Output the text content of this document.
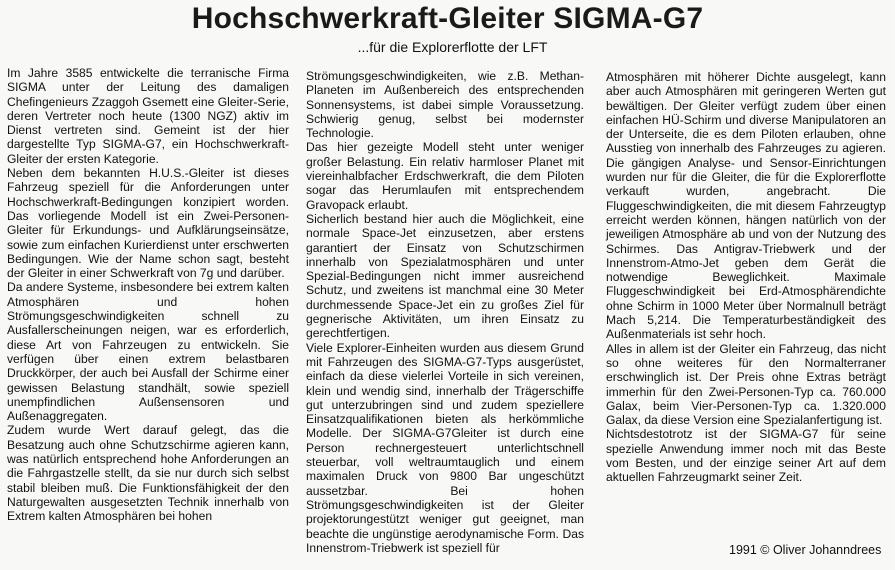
Hochschwerkraft-Gleiter SIGMA-G7
...für die Explorerflotte der LFT

Im Jahre 3585 entwickelte die terranische Firma SIGMA unter der Leitung des damaligen Chefingenieurs Zzaggoh Gsemett eine Gleiter-Serie, deren Vertreter noch heute (1300 NGZ) aktiv im Dienst vertreten sind. Gemeint ist der hier dargestellte Typ SIGMA-G7, ein Hochschwerkraft-Gleiter der ersten Kategorie.

Neben dem bekannten H.U.S.-Gleiter ist dieses Fahrzeug speziell für die Anforderungen unter Hochschwerkraft-Bedingungen konzipiert worden. Das vorliegende Modell ist ein Zwei-Personen-Gleiter für Erkundungs- und Aufklärungseinsätze, sowie zum einfachen Kurierdienst unter erschwerten Bedingungen. Wie der Name schon sagt, besteht der Gleiter in einer Schwerkraft von 7g und darüber.

Da andere Systeme, insbesondere bei extrem kalten Atmosphären und hohen Strömungsgeschwindigkeiten schnell zu Ausfallerscheinungen neigen, war es erforderlich, diese Art von Fahrzeugen zu entwickeln. Sie verfügen über einen extrem belastbaren Druckkörper, der auch bei Ausfall der Schirme einer gewissen Belastung standhält, sowie speziell unempfindlichen Außensensoren und Außenaggregaten.

Zudem wurde Wert darauf gelegt, das die Besatzung auch ohne Schutzschirme agieren kann, was natürlich entsprechend hohe Anforderungen an die Fahrgastzelle stellt, da sie nur durch sich selbst stabil bleiben muß. Die Funktionsfähigkeit der den Naturgewalten ausgesetzten Technik innerhalb von Extrem kalten Atmosphären bei hohen

Strömungsgeschwindigkeiten, wie z.B. Methan-Planeten im Außenbereich des entsprechenden Sonnensystems, ist dabei simple Voraussetzung. Schwierig genug, selbst bei modernster Technologie.

Das hier gezeigte Modell steht unter weniger großer Belastung. Ein relativ harmloser Planet mit viereinhalbfacher Erdschwerkraft, die dem Piloten sogar das Herumlaufen mit entsprechendem Gravopack erlaubt.

Sicherlich bestand hier auch die Möglichkeit, eine normale Space-Jet einzusetzen, aber erstens garantiert der Einsatz von Schutzschirmen innerhalb von Spezialatmosphären und unter Spezial-Bedingungen nicht immer ausreichend Schutz, und zweitens ist manchmal eine 30 Meter durchmessende Space-Jet ein zu großes Ziel für gegnerische Aktivitäten, um ihren Einsatz zu gerechtfertigen.

Viele Explorer-Einheiten wurden aus diesem Grund mit Fahrzeugen des SIGMA-G7-Typs ausgerüstet, einfach da diese vielerlei Vorteile in sich vereinen, klein und wendig sind, innerhalb der Trägerschiffe gut unterzubringen sind und zudem speziellere Einsatzqualifikationen bieten als herkömmliche Modelle. Der SIGMA-G7Gleiter ist durch eine Person rechnergesteuert unterlichtschnell steuerbar, voll weltraumtauglich und einem maximalen Druck von 9800 Bar ungeschützt aussetzbar. Bei hohen Strömungsgeschwindigkeiten ist der Gleiter projektorungestützt weniger gut geeignet, man beachte die ungünstige aerodynamische Form. Das Innenstrom-Triebwerk ist speziell für

Atmosphären mit höherer Dichte ausgelegt, kann aber auch Atmosphären mit geringeren Werten gut bewältigen. Der Gleiter verfügt zudem über einen einfachen HÜ-Schirm und diverse Manipulatoren an der Unterseite, die es dem Piloten erlauben, ohne Ausstieg von innerhalb des Fahrzeuges zu agieren. Die gängigen Analyse- und Sensor-Einrichtungen wurden nur für die Gleiter, die für die Explorerflotte verkauft wurden, angebracht. Die Fluggeschwindigkeiten, die mit diesem Fahrzeugtyp erreicht werden können, hängen natürlich von der jeweiligen Atmosphäre ab und von der Nutzung des Schirmes. Das Antigrav-Triebwerk und der Innenstrom-Atmo-Jet geben dem Gerät die notwendige Beweglichkeit. Maximale Fluggeschwindigkeit bei Erd-Atmosphärendichte ohne Schirm in 1000 Meter über Normalnull beträgt Mach 5,214. Die Temperaturbeständigkeit des Außenmaterials ist sehr hoch.

Alles in allem ist der Gleiter ein Fahrzeug, das nicht so ohne weiteres für den Normalterraner erschwinglich ist. Der Preis ohne Extras beträgt immerhin für den Zwei-Personen-Typ ca. 760.000 Galax, beim Vier-Personen-Typ ca. 1.320.000 Galax, da diese Version eine Spezialanfertigung ist.

Nichtsdestotrotz ist der SIGMA-G7 für seine spezielle Anwendung immer noch mit das Beste vom Besten, und der einzige seiner Art auf dem aktuellen Fahrzeugmarkt seiner Zeit.

1991 © Oliver Johanndrees
